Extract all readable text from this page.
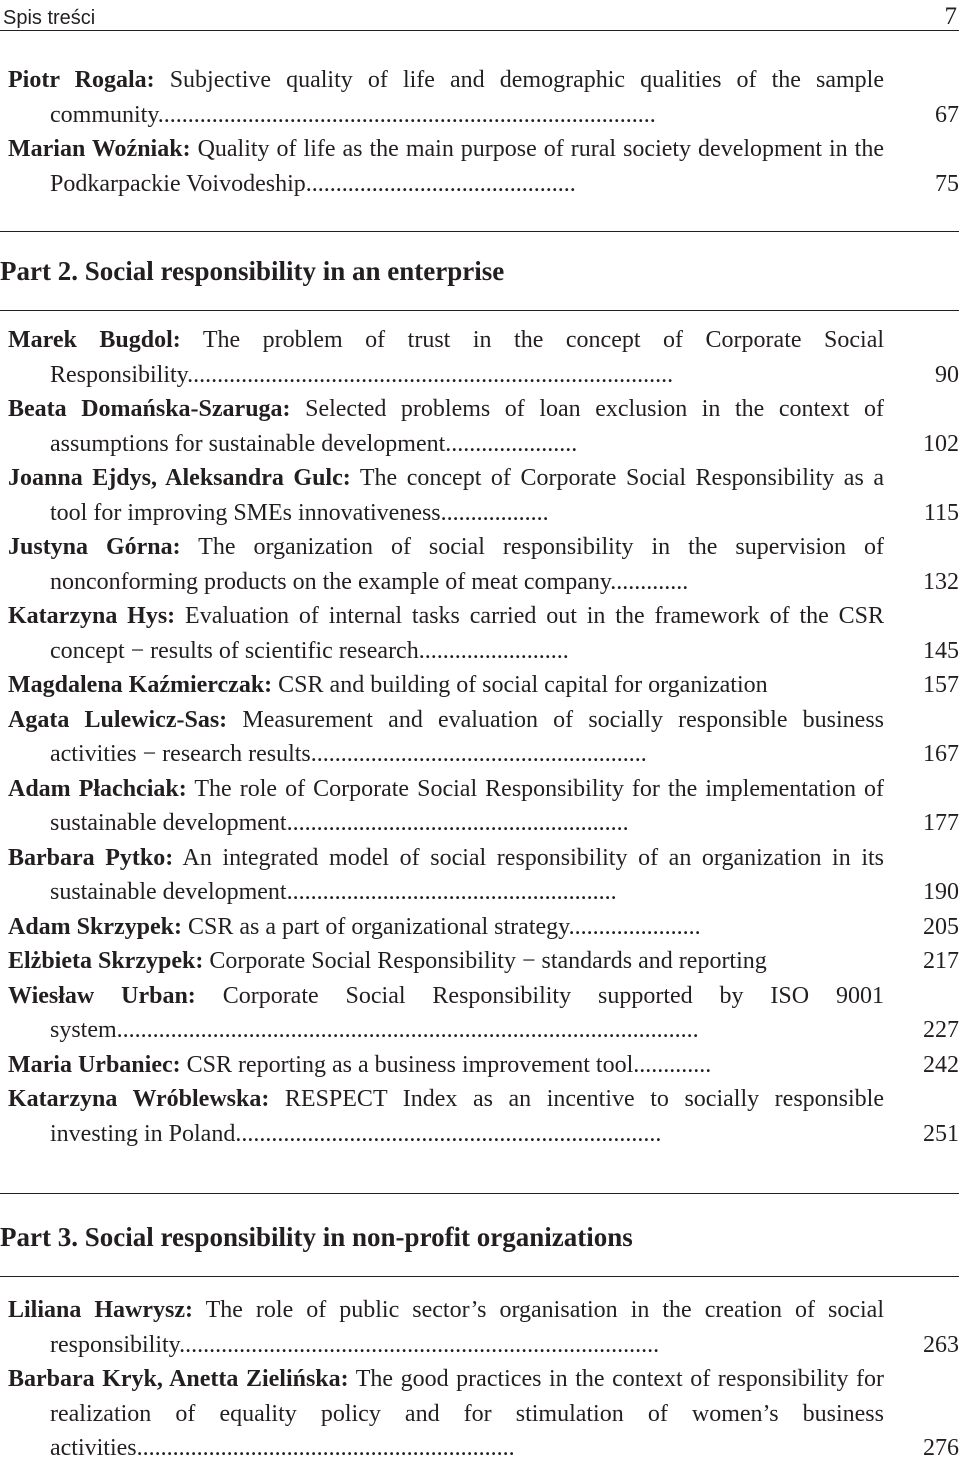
Spis treści	7
Piotr Rogala: Subjective quality of life and demographic qualities of the sample community...................................................................................	67
Marian Woźniak: Quality of life as the main purpose of rural society development in the Podkarpackie Voivodeship.............................................	75
Part 2. Social responsibility in an enterprise
Marek Bugdol: The problem of trust in the concept of Corporate Social Responsibility.................................................................................	90
Beata Domańska-Szaruga: Selected problems of loan exclusion in the context of assumptions for sustainable development......................	102
Joanna Ejdys, Aleksandra Gulc: The concept of Corporate Social Responsibility as a tool for improving SMEs innovativeness..................	115
Justyna Górna: The organization of social responsibility in the supervision of nonconforming products on the example of meat company.............	132
Katarzyna Hys: Evaluation of internal tasks carried out in the framework of the CSR concept − results of scientific research.........................	145
Magdalena Kaźmierczak: CSR and building of social capital for organization	157
Agata Lulewicz-Sas: Measurement and evaluation of socially responsible business activities − research results........................................................	167
Adam Płachciak: The role of Corporate Social Responsibility for the implementation of sustainable development.........................................................	177
Barbara Pytko: An integrated model of social responsibility of an organization in its sustainable development.......................................................	190
Adam Skrzypek: CSR as a part of organizational strategy......................	205
Elżbieta Skrzypek: Corporate Social Responsibility − standards and reporting	217
Wiesław Urban: Corporate Social Responsibility supported by ISO 9001 system.................................................................................................	227
Maria Urbaniec: CSR reporting as a business improvement tool.............	242
Katarzyna Wróblewska: RESPECT Index as an incentive to socially responsible investing in Poland.......................................................................	251
Part 3. Social responsibility in non-profit organizations
Liliana Hawrysz: The role of public sector’s organisation in the creation of social responsibility................................................................................	263
Barbara Kryk, Anetta Zielińska: The good practices in the context of responsibility for realization of equality policy and for stimulation of women’s business activities...............................................................	276
